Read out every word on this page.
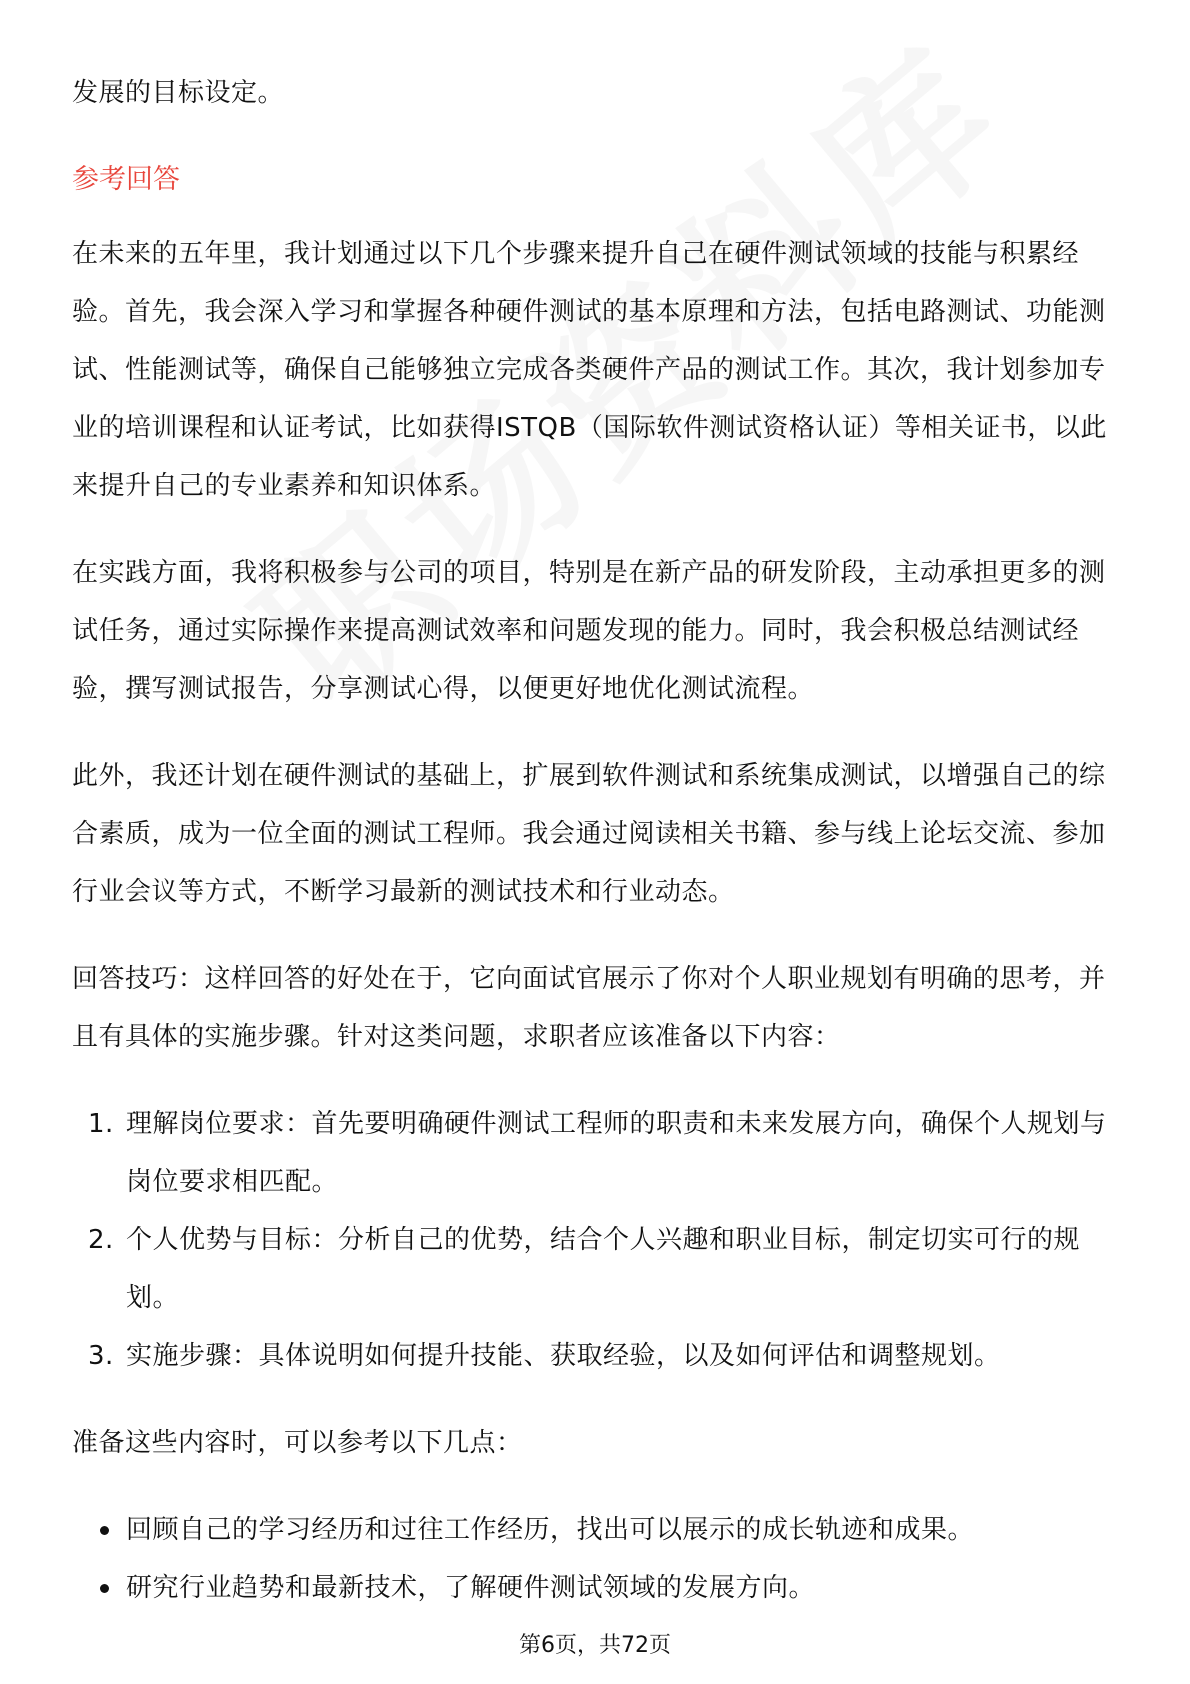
发展的目标设定。

参考回答

在未来的五年里，我计划通过以下几个步骤来提升自己在硬件测试领域的技能与积累经验。首先，我会深入学习和掌握各种硬件测试的基本原理和方法，包括电路测试、功能测试、性能测试等，确保自己能够独立完成各类硬件产品的测试工作。其次，我计划参加专业的培训课程和认证考试，比如获得ISTQB（国际软件测试资格认证）等相关证书，以此来提升自己的专业素养和知识体系。

在实践方面，我将积极参与公司的项目，特别是在新产品的研发阶段，主动承担更多的测试任务，通过实际操作来提高测试效率和问题发现的能力。同时，我会积极总结测试经验，撰写测试报告，分享测试心得，以便更好地优化测试流程。

此外，我还计划在硬件测试的基础上，扩展到软件测试和系统集成测试，以增强自己的综合素质，成为一位全面的测试工程师。我会通过阅读相关书籍、参与线上论坛交流、参加行业会议等方式，不断学习最新的测试技术和行业动态。

回答技巧：这样回答的好处在于，它向面试官展示了你对个人职业规划有明确的思考，并且有具体的实施步骤。针对这类问题，求职者应该准备以下内容：

1. 理解岗位要求：首先要明确硬件测试工程师的职责和未来发展方向，确保个人规划与岗位要求相匹配。
2. 个人优势与目标：分析自己的优势，结合个人兴趣和职业目标，制定切实可行的规划。
3. 实施步骤：具体说明如何提升技能、获取经验，以及如何评估和调整规划。

准备这些内容时，可以参考以下几点：

回顾自己的学习经历和过往工作经历，找出可以展示的成长轨迹和成果。
研究行业趋势和最新技术，了解硬件测试领域的发展方向。
第6页，共72页
